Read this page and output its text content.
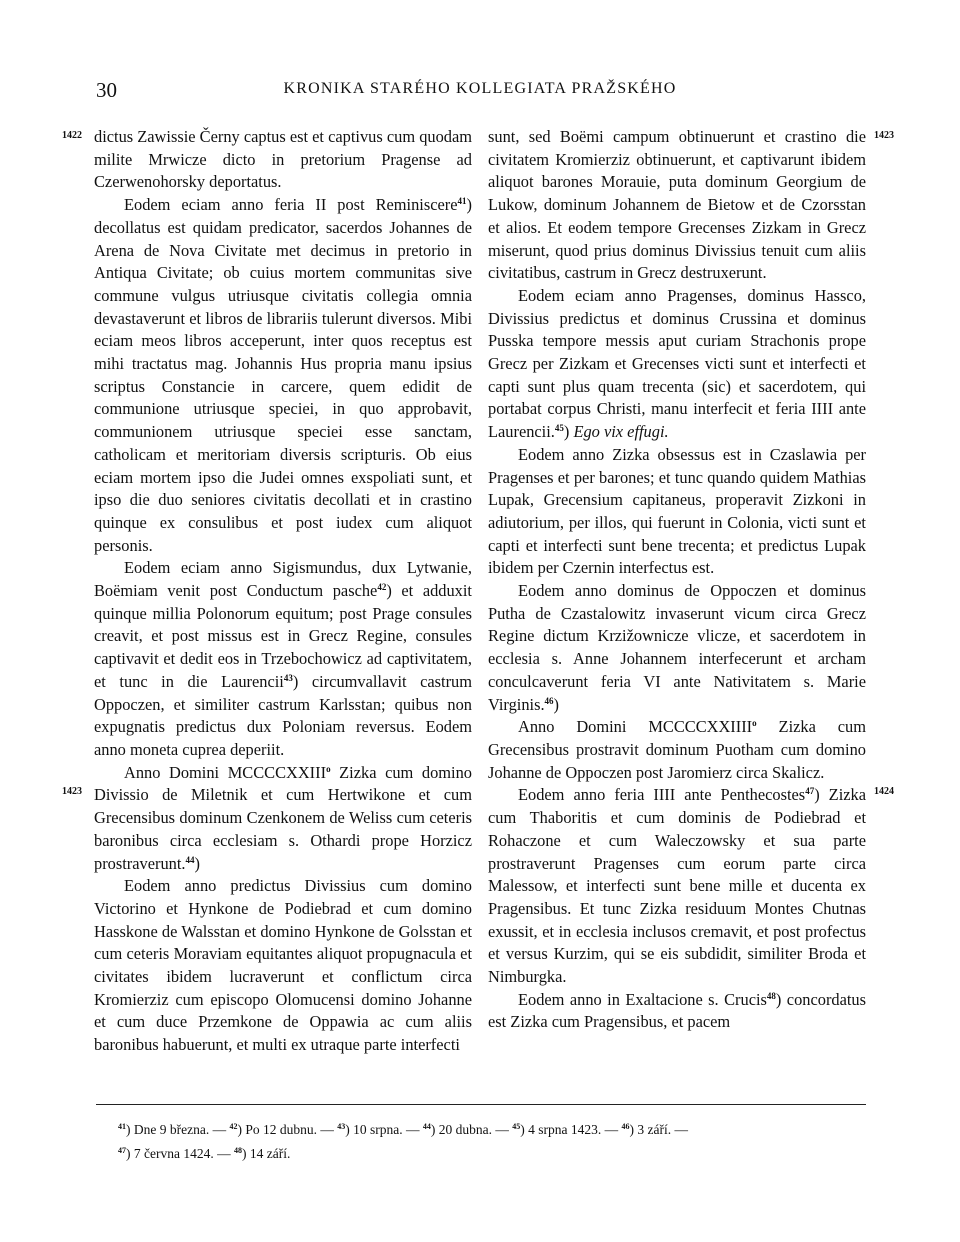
30	KRONIKA STARÉHO KOLLEGIATA PRAŽSKÉHO
1422
1423
1423
1424

dictus Zawissie Černy captus est et captivus cum quodam milite Mrwicze dicto in pretorium Pragense ad Czerwenohorsky deportatus.

Eodem eciam anno feria II post Reminiscere$^{41}$) decollatus est quidam predicator, sacerdos Johannes de Arena de Nova Civitate met decimus in pretorio in Antiqua Civitate; ob cuius mortem communitas sive commune vulgus utriusque civitatis collegia omnia devastaverunt et libros de librariis tulerunt diversos. Mibi eciam meos libros acceperunt, inter quos receptus est mihi tractatus mag. Johannis Hus propria manu ipsius scriptus Constancie in carcere, quem edidit de communione utriusque speciei, in quo approbavit, communionem utriusque speciei esse sanctam, catholicam et meritoriam diversis scripturis. Ob eius eciam mortem ipso die Judei omnes exspoliati sunt, et ipso die duo seniores civitatis decollati et in crastino quinque ex consulibus et post iudex cum aliquot personis.

Eodem eciam anno Sigismundus, dux Lytwanie, Boëmiam venit post Conductum pasche$^{42}$) et adduxit quinque millia Polonorum equitum; post Prage consules creavit, et post missus est in Grecz Regine, consules captivavit et dedit eos in Trzebochowicz ad captivitatem, et tunc in die Laurencii$^{43}$) circumvallavit castrum Oppoczen, et similiter castrum Karlsstan; quibus non expugnatis predictus dux Poloniam reversus. Eodem anno moneta cuprea deperiit.

Anno Domini MCCCCXXIII$^o$ Zizka cum domino Divissio de Miletnik et cum Hertwikone et cum Grecensibus dominum Czenkonem de Weliss cum ceteris baronibus circa ecclesiam s. Othardi prope Horzicz prostraverunt.$^{44}$)

Eodem anno predictus Divissius cum domino Victorino et Hynkone de Podiebrad et cum domino Hasskone de Walsstan et domino Hynkone de Golsstan et cum ceteris Moraviam equitantes aliquot propugnacula et civitates ibidem lucraverunt et conflictum circa Kromierziz cum episcopo Olomucensi domino Johanne et cum duce Przemkone de Oppawia ac cum aliis baronibus habuerunt, et multi ex utraque parte interfecti

sunt, sed Boëmi campum obtinuerunt et crastino die civitatem Kromierziz obtinuerunt, et captivarunt ibidem aliquot barones Morauie, puta dominum Georgium de Lukow, dominum Johannem de Bietow et de Czorsstan et alios. Et eodem tempore Grecenses Zizkam in Grecz miserunt, quod prius dominus Divissius tenuit cum aliis civitatibus, castrum in Grecz destruxerunt.

Eodem eciam anno Pragenses, dominus Hassco, Divissius predictus et dominus Crussina et dominus Pusska tempore messis aput curiam Strachonis prope Grecz per Zizkam et Grecenses victi sunt et interfecti et capti sunt plus quam trecenta (sic) et sacerdotem, qui portabat corpus Christi, manu interfecit et feria IIII ante Laurencii.$^{45}$) Ego vix effugi.

Eodem anno Zizka obsessus est in Czaslawia per Pragenses et per barones; et tunc quando quidem Mathias Lupak, Grecensium capitaneus, properavit Zizkoni in adiutorium, per illos, qui fuerunt in Colonia, victi sunt et capti et interfecti sunt bene trecenta; et predictus Lupak ibidem per Czernin interfectus est.

Eodem anno dominus de Oppoczen et dominus Putha de Czastalowitz invaserunt vicum circa Grecz Regine dictum Krzižownicze vlicze, et sacerdotem in ecclesia s. Anne Johannem interfecerunt et archam conculcaverunt feria VI ante Nativitatem s. Marie Virginis.$^{46}$)

Anno Domini MCCCCXXIIII$^o$ Zizka cum Grecensibus prostravit dominum Puotham cum domino Johanne de Oppoczen post Jaromierz circa Skalicz.

Eodem anno feria IIII ante Penthecostes$^{47}$) Zizka cum Thaboritis et cum dominis de Podiebrad et Rohaczone et cum Waleczowsky et sua parte prostraverunt Pragenses cum eorum parte circa Malessow, et interfecti sunt bene mille et ducenta ex Pragensibus. Et tunc Zizka residuum Montes Chutnas exussit, et in ecclesia inclusos cremavit, et post profectus et versus Kurzim, qui se eis subdidit, similiter Broda et Nimburgka.

Eodem anno in Exaltacione s. Crucis$^{48}$) concordatus est Zizka cum Pragensibus, et pacem

$^{41}$) Dne 9 března. — $^{42}$) Po 12 dubnu. — $^{43}$) 10 srpna. — $^{44}$) 20 dubna. — $^{45}$) 4 srpna 1423. — $^{46}$) 3 září. —
$^{47}$) 7 června 1424. — $^{48}$) 14 září.
